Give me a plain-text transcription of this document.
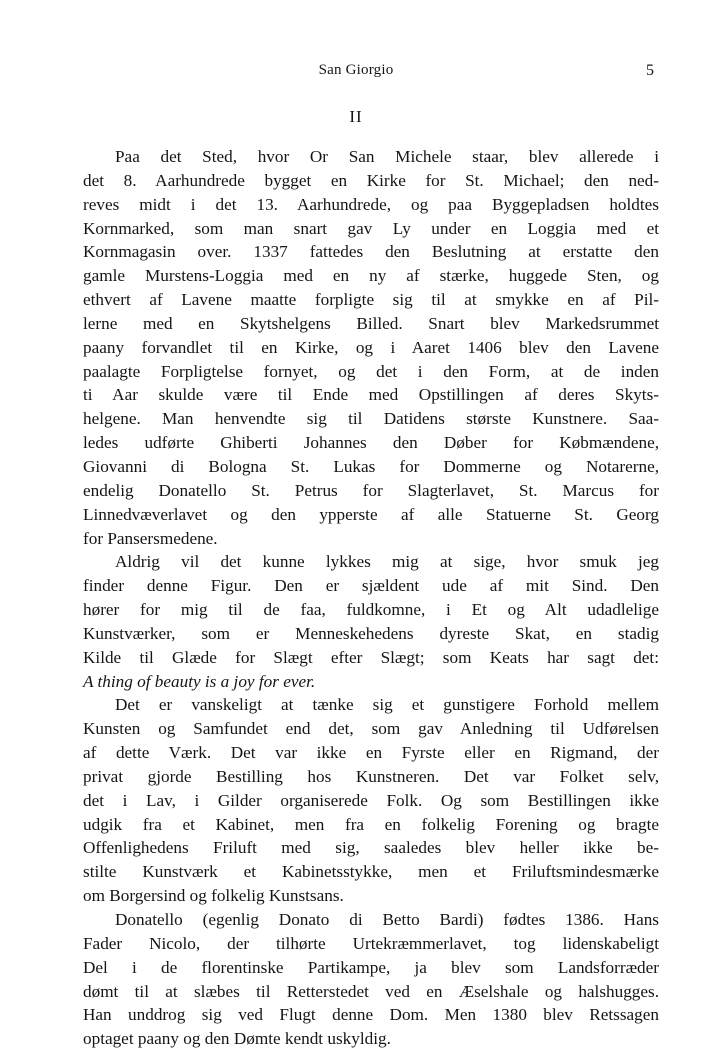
San Giorgio	5
II
Paa det Sted, hvor Or San Michele staar, blev allerede i
det 8. Aarhundrede bygget en Kirke for St. Michael; den ned-
reves midt i det 13. Aarhundrede, og paa Byggepladsen holdtes
Kornmarked, som man snart gav Ly under en Loggia med et
Kornmagasin over. 1337 fattedes den Beslutning at erstatte den
gamle Murstens-Loggia med en ny af stærke, huggede Sten, og
ethvert af Lavene maatte forpligte sig til at smykke en af Pil-
lerne med en Skytshelgens Billed. Snart blev Markedsrummet
paany forvandlet til en Kirke, og i Aaret 1406 blev den Lavene
paalagte Forpligtelse fornyet, og det i den Form, at de inden
ti Aar skulde være til Ende med Opstillingen af deres Skyts-
helgene. Man henvendte sig til Datidens største Kunstnere. Saa-
ledes udførte Ghiberti Johannes den Døber for Købmændene,
Giovanni di Bologna St. Lukas for Dommerne og Notarerne,
endelig Donatello St. Petrus for Slagterlavet, St. Marcus for
Linnedvæverlavet og den ypperste af alle Statuerne St. Georg
for Pansersmedene.
Aldrig vil det kunne lykkes mig at sige, hvor smuk jeg
finder denne Figur. Den er sjældent ude af mit Sind. Den
hører for mig til de faa, fuldkomne, i Et og Alt udadlelige
Kunstværker, som er Menneskehedens dyreste Skat, en stadig
Kilde til Glæde for Slægt efter Slægt; som Keats har sagt det:
A thing of beauty is a joy for ever.
Det er vanskeligt at tænke sig et gunstigere Forhold mellem
Kunsten og Samfundet end det, som gav Anledning til Udførelsen
af dette Værk. Det var ikke en Fyrste eller en Rigmand, der
privat gjorde Bestilling hos Kunstneren. Det var Folket selv,
det i Lav, i Gilder organiserede Folk. Og som Bestillingen ikke
udgik fra et Kabinet, men fra en folkelig Forening og bragte
Offenlighedens Friluft med sig, saaledes blev heller ikke be-
stilte Kunstværk et Kabinetsstykke, men et Friluftsmindesmærke
om Borgersind og folkelig Kunstsans.
Donatello (egenlig Donato di Betto Bardi) fødtes 1386. Hans
Fader Nicolo, der tilhørte Urtekræmmerlavet, tog lidenskabeligt
Del i de florentinske Partikampe, ja blev som Landsforræder
dømt til at slæbes til Retterstedet ved en Æselshale og halshugges.
Han unddrog sig ved Flugt denne Dom. Men 1380 blev Retssagen
optaget paany og den Dømte kendt uskyldig.
